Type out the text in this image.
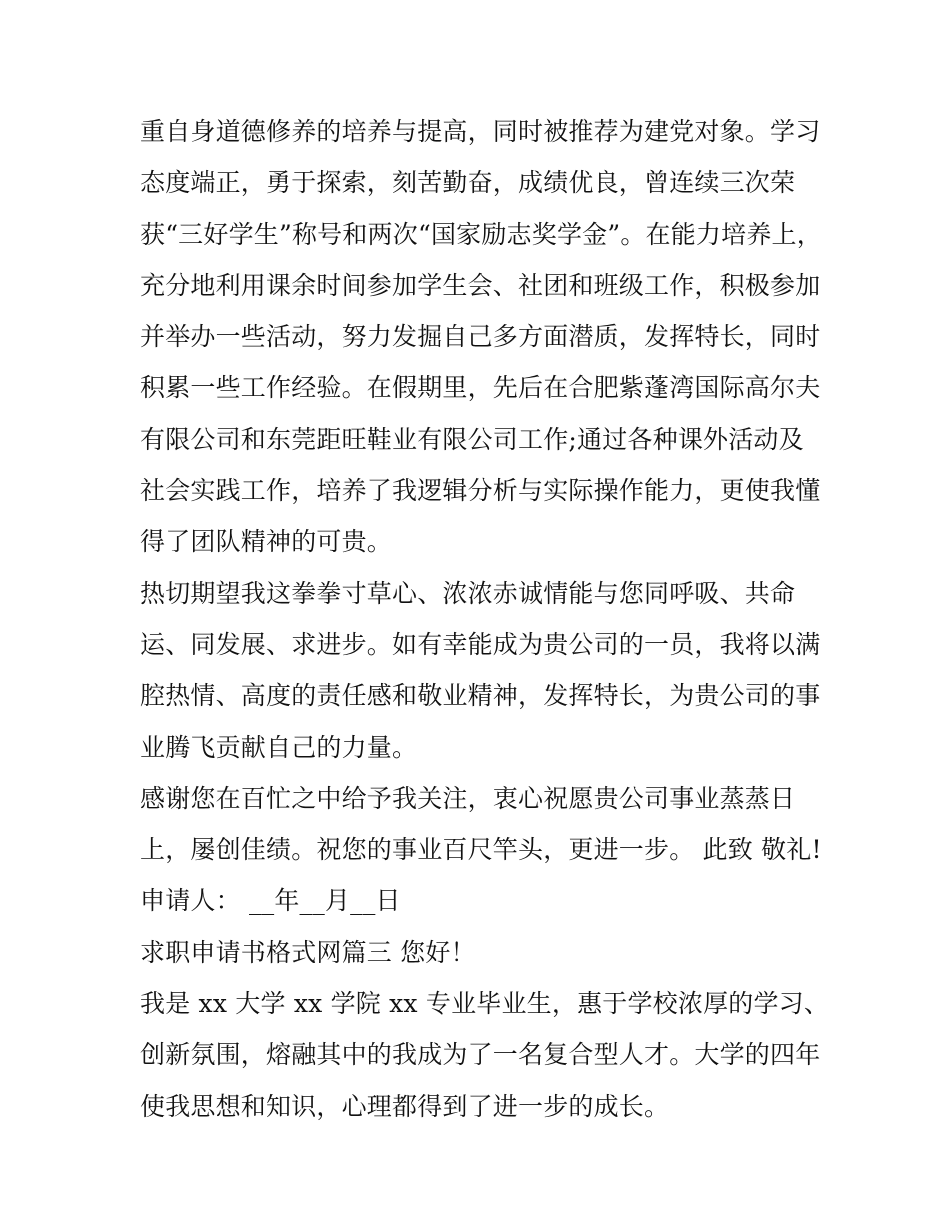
重自身道德修养的培养与提高，同时被推荐为建党对象。学习
态度端正，勇于探索，刻苦勤奋，成绩优良，曾连续三次荣
获“三好学生”称号和两次“国家励志奖学金”。在能力培养上，
充分地利用课余时间参加学生会、社团和班级工作，积极参加
并举办一些活动，努力发掘自己多方面潜质，发挥特长，同时
积累一些工作经验。在假期里，先后在合肥紫蓬湾国际高尔夫
有限公司和东莞距旺鞋业有限公司工作;通过各种课外活动及
社会实践工作，培养了我逻辑分析与实际操作能力，更使我懂
得了团队精神的可贵。
热切期望我这拳拳寸草心、浓浓赤诚情能与您同呼吸、共命
运、同发展、求进步。如有幸能成为贵公司的一员，我将以满
腔热情、高度的责任感和敬业精神，发挥特长，为贵公司的事
业腾飞贡献自己的力量。
感谢您在百忙之中给予我关注，衷心祝愿贵公司事业蒸蒸日
上，屡创佳绩。祝您的事业百尺竿头，更进一步。 此致 敬礼!
申请人： __年__月__日
求职申请书格式网篇三 您好！
我是 xx 大学 xx 学院 xx 专业毕业生，惠于学校浓厚的学习、
创新氛围，熔融其中的我成为了一名复合型人才。大学的四年
使我思想和知识，心理都得到了进一步的成长。
